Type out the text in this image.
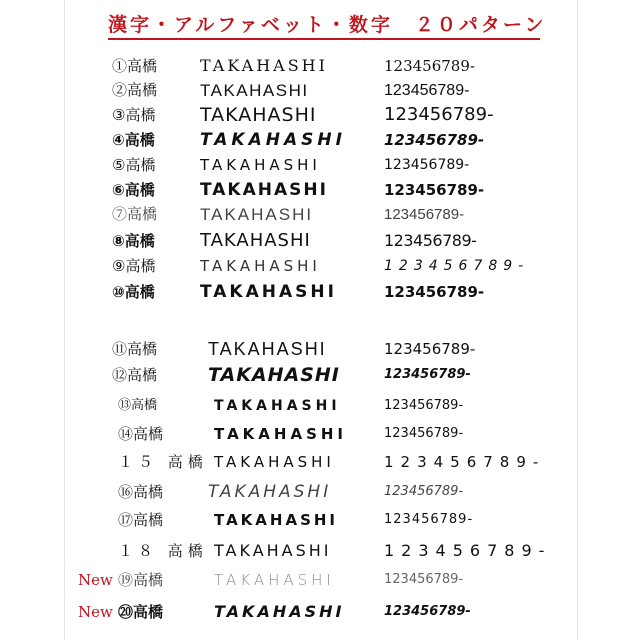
漢字・アルファベット・数字　２０パターン
①高橋	TAKAHASHI	123456789-
②高橋	TAKAHASHI	123456789-
③高橋	TAKAHASHI	123456789-
④高橋	TAKAHASHI	123456789-
⑤高橋	TAKAHASHI	123456789-
⑥高橋	TAKAHASHI	123456789-
⑦高橋	TAKAHASHI	123456789-
⑧高橋	TAKAHASHI	123456789-
⑨高橋	TAKAHASHI	123456789-
⑩高橋	TAKAHASHI	123456789-
⑪高橋	TAKAHASHI	123456789-
⑫高橋	TAKAHASHI	123456789-
⑬高橋	TAKAHASHI	123456789-
⑭高橋	TAKAHASHI	123456789-
１５ 高橋 TAKAHASHI	123456789-
⑯高橋	TAKAHASHI	123456789-
⑰高橋	TAKAHASHI	123456789-
１８ 高橋 TAKAHASHI	123456789-
New ⑲高橋	TAKAHASHI	123456789-
New ⑳高橋	TAKAHASHI	123456789-
